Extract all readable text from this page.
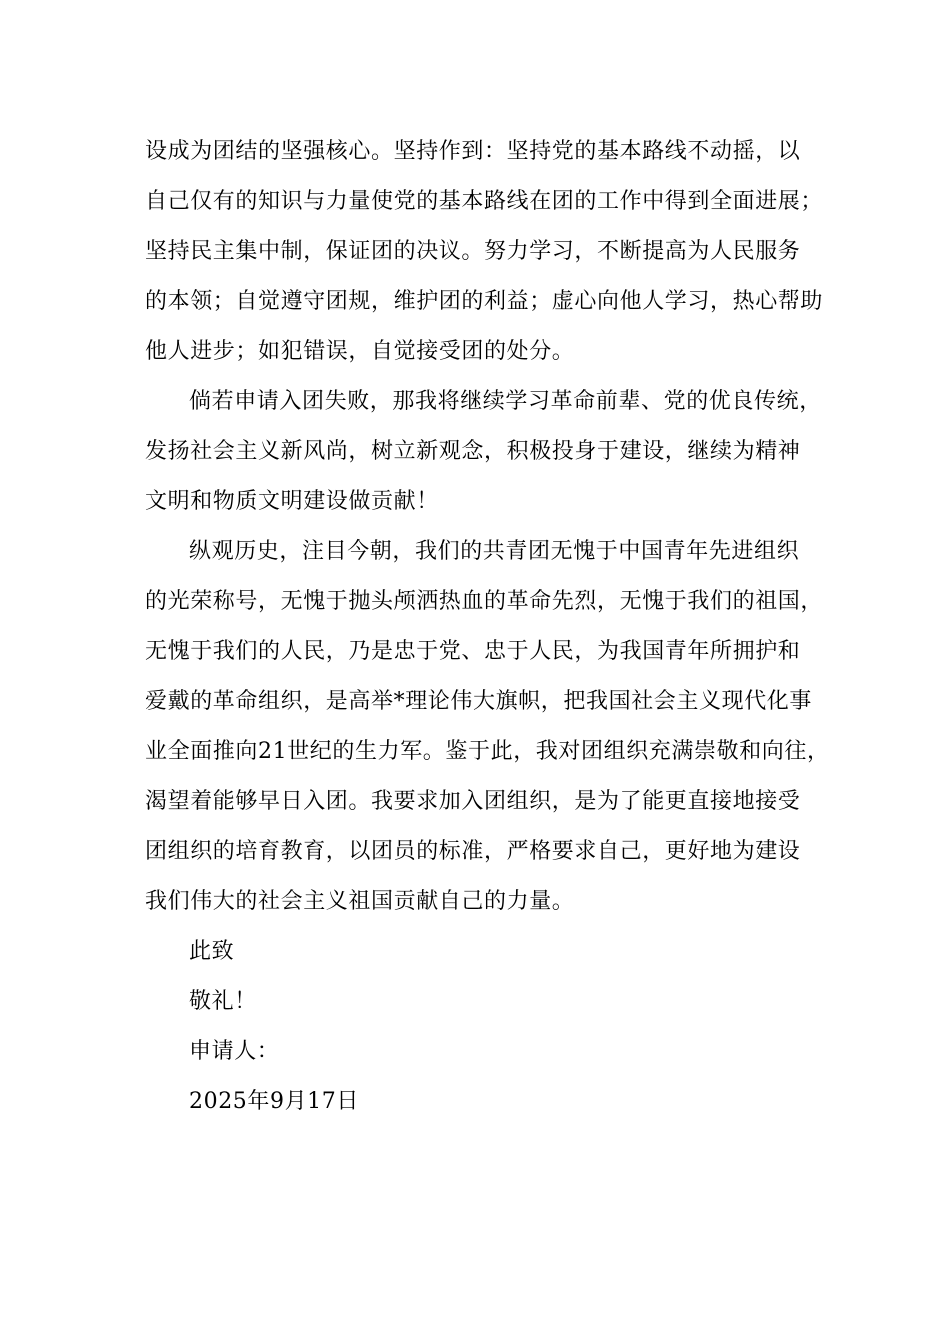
设成为团结的坚强核心。坚持作到：坚持党的基本路线不动摇，以
自己仅有的知识与力量使党的基本路线在团的工作中得到全面进展；
坚持民主集中制，保证团的决议。努力学习，不断提高为人民服务
的本领；自觉遵守团规，维护团的利益；虚心向他人学习，热心帮助
他人进步；如犯错误，自觉接受团的处分。
倘若申请入团失败，那我将继续学习革命前辈、党的优良传统，
发扬社会主义新风尚，树立新观念，积极投身于建设，继续为精神
文明和物质文明建设做贡献！
纵观历史，注目今朝，我们的共青团无愧于中国青年先进组织
的光荣称号，无愧于抛头颅洒热血的革命先烈，无愧于我们的祖国，
无愧于我们的人民，乃是忠于党、忠于人民，为我国青年所拥护和
爱戴的革命组织，是高举*理论伟大旗帜，把我国社会主义现代化事
业全面推向21世纪的生力军。鉴于此，我对团组织充满崇敬和向往，
渴望着能够早日入团。我要求加入团组织，是为了能更直接地接受
团组织的培育教育，以团员的标准，严格要求自己，更好地为建设
我们伟大的社会主义祖国贡献自己的力量。
此致
敬礼！
申请人：
2025年9月17日
